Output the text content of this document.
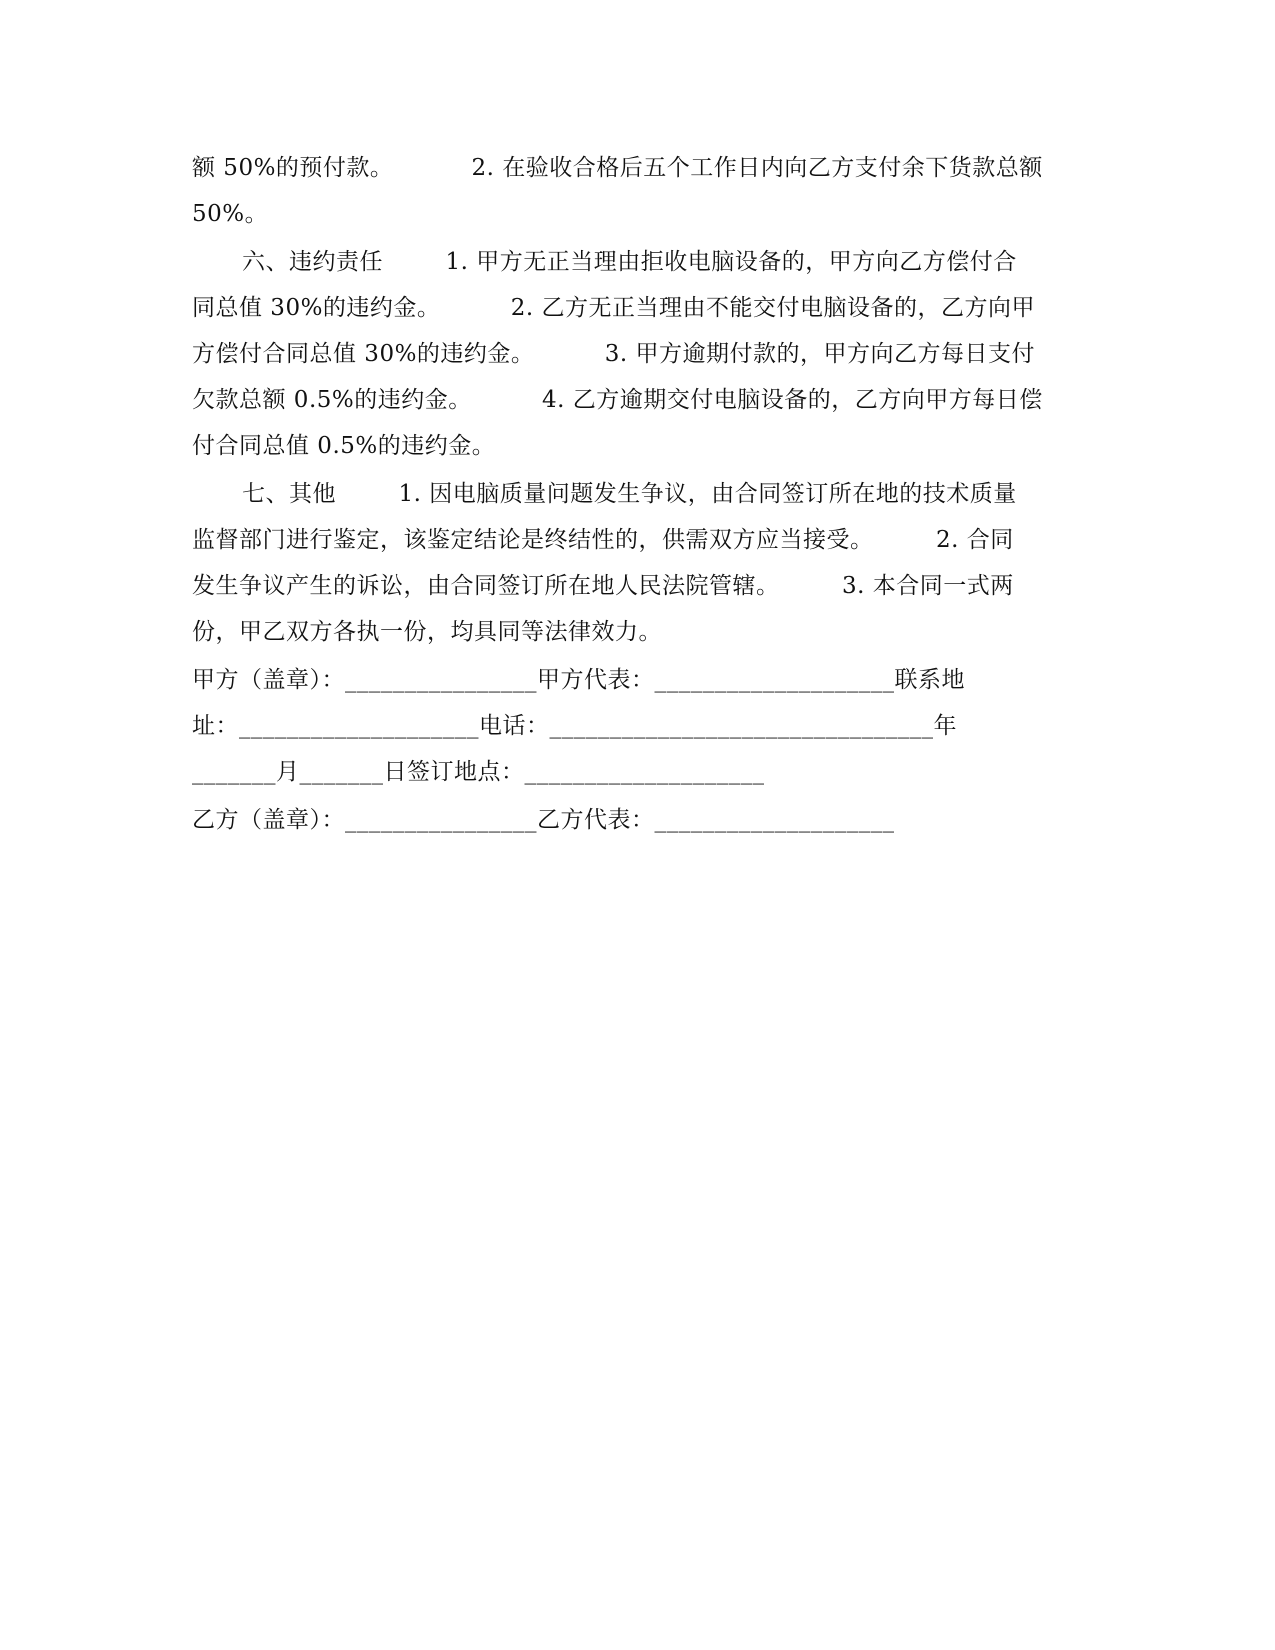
额 50%的预付款。          2. 在验收合格后五个工作日内向乙方支付余下货款总额
50%。
六、违约责任        1. 甲方无正当理由拒收电脑设备的，甲方向乙方偿付合
同总值 30%的违约金。         2. 乙方无正当理由不能交付电脑设备的，乙方向甲
方偿付合同总值 30%的违约金。         3. 甲方逾期付款的，甲方向乙方每日支付
欠款总额 0.5%的违约金。         4. 乙方逾期交付电脑设备的，乙方向甲方每日偿
付合同总值 0.5%的违约金。
七、其他        1. 因电脑质量问题发生争议，由合同签订所在地的技术质量
监督部门进行鉴定，该鉴定结论是终结性的，供需双方应当接受。        2. 合同
发生争议产生的诉讼，由合同签订所在地人民法院管辖。        3. 本合同一式两
份，甲乙双方各执一份，均具同等法律效力。
甲方（盖章）：________________甲方代表：____________________联系地
址：____________________电话：________________________________年
_______月_______日签订地点：____________________
乙方（盖章）：________________乙方代表：____________________
